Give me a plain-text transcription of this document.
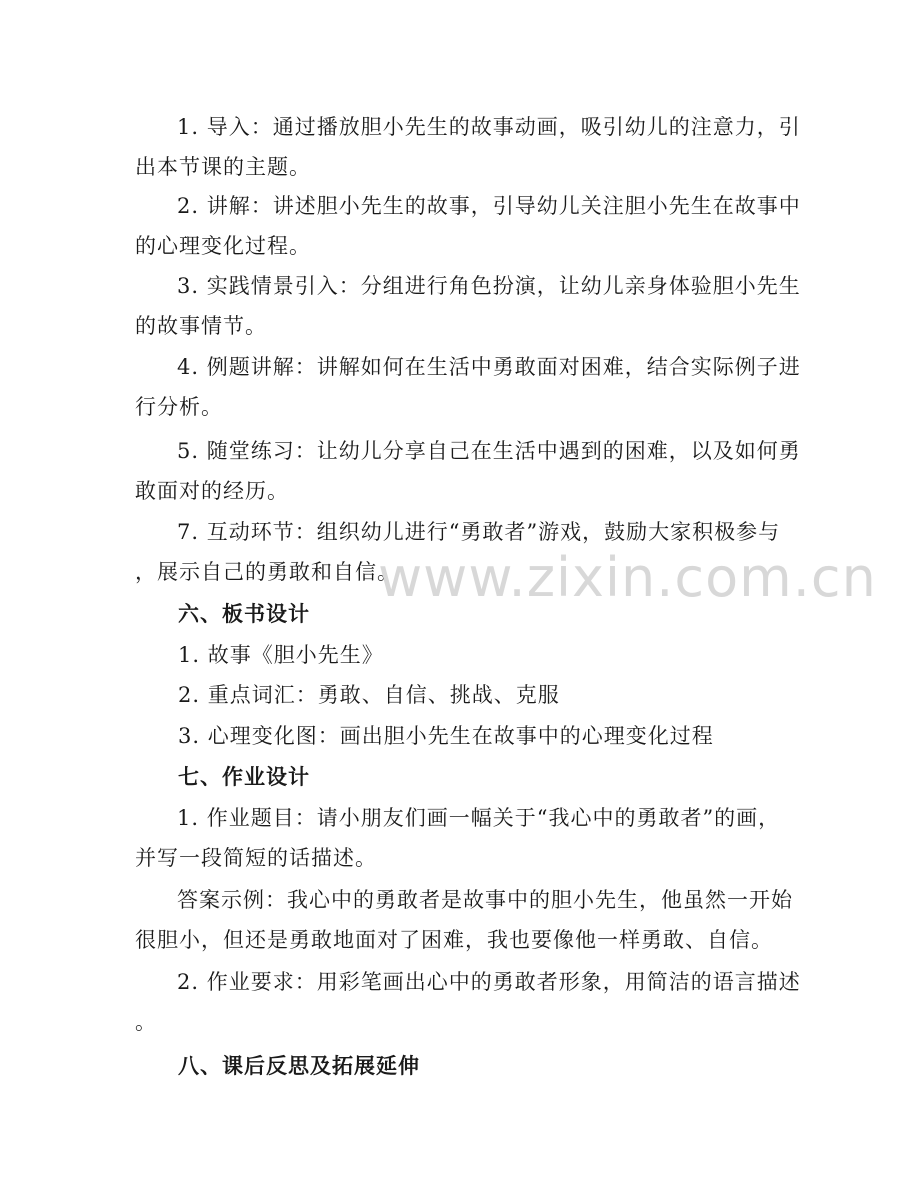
1. 导入：通过播放胆小先生的故事动画，吸引幼儿的注意力，引
出本节课的主题。

2. 讲解：讲述胆小先生的故事，引导幼儿关注胆小先生在故事中
的心理变化过程。

3. 实践情景引入：分组进行角色扮演，让幼儿亲身体验胆小先生
的故事情节。

4. 例题讲解：讲解如何在生活中勇敢面对困难，结合实际例子进
行分析。

5. 随堂练习：让幼儿分享自己在生活中遇到的困难，以及如何勇
敢面对的经历。

7. 互动环节：组织幼儿进行“勇敢者”游戏，鼓励大家积极参与
，展示自己的勇敢和自信。

www.zixin.com.cn
六、板书设计

1. 故事《胆小先生》

2. 重点词汇：勇敢、自信、挑战、克服

3. 心理变化图：画出胆小先生在故事中的心理变化过程

七、作业设计

1. 作业题目：请小朋友们画一幅关于“我心中的勇敢者”的画，
并写一段简短的话描述。

答案示例：我心中的勇敢者是故事中的胆小先生，他虽然一开始
很胆小，但还是勇敢地面对了困难，我也要像他一样勇敢、自信。

2. 作业要求：用彩笔画出心中的勇敢者形象，用简洁的语言描述
。

八、课后反思及拓展延伸
